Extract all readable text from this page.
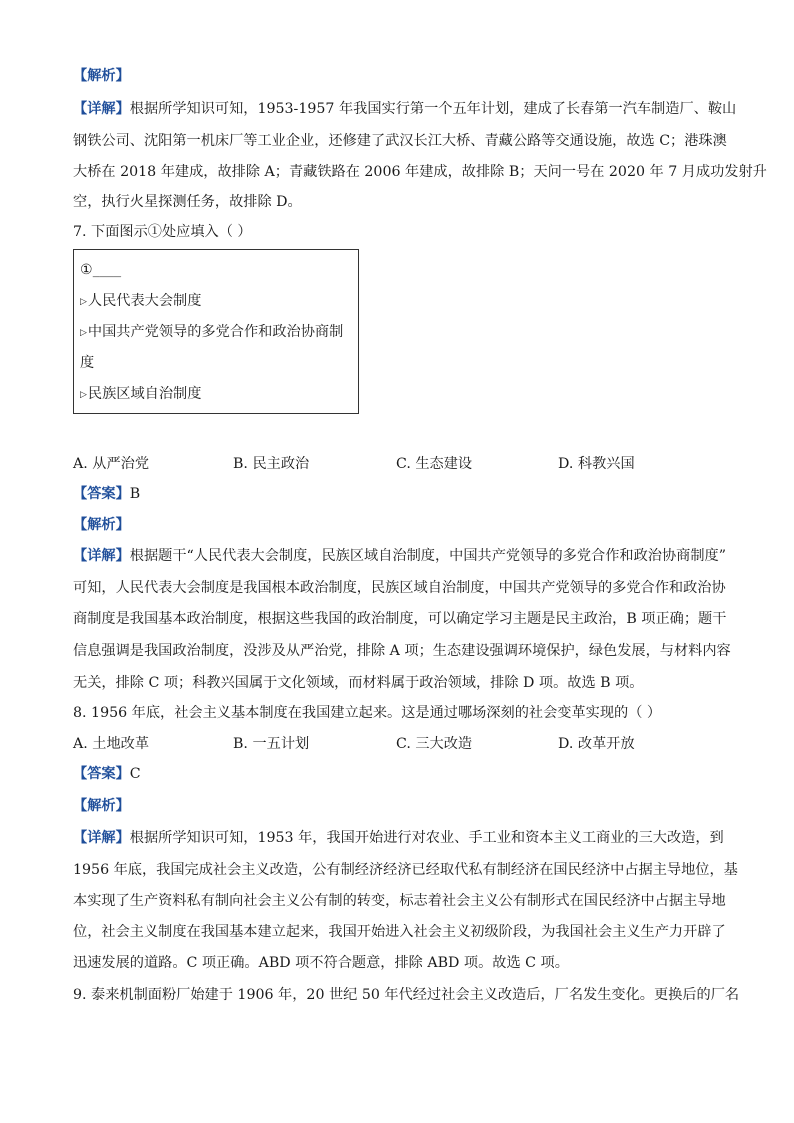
【解析】
【详解】根据所学知识可知，1953-1957 年我国实行第一个五年计划，建成了长春第一汽车制造厂、鞍山
钢铁公司、沈阳第一机床厂等工业企业，还修建了武汉长江大桥、青藏公路等交通设施，故选 C；港珠澳
大桥在 2018 年建成，故排除 A；青藏铁路在 2006 年建成，故排除 B；天问一号在 2020 年 7 月成功发射升
空，执行火星探测任务，故排除 D。
7. 下面图示①处应填入（ ）
①____
▷人民代表大会制度
▷中国共产党领导的多党合作和政治协商制
度
▷民族区域自治制度
A. 从严治党	B. 民主政治	C. 生态建设	D. 科教兴国
【答案】B
【解析】
【详解】根据题干“人民代表大会制度，民族区域自治制度，中国共产党领导的多党合作和政治协商制度”
可知，人民代表大会制度是我国根本政治制度，民族区域自治制度，中国共产党领导的多党合作和政治协
商制度是我国基本政治制度，根据这些我国的政治制度，可以确定学习主题是民主政治，B 项正确；题干
信息强调是我国政治制度，没涉及从严治党，排除 A 项；生态建设强调环境保护，绿色发展，与材料内容
无关，排除 C 项；科教兴国属于文化领域，而材料属于政治领域，排除 D 项。故选 B 项。
8. 1956 年底，社会主义基本制度在我国建立起来。这是通过哪场深刻的社会变革实现的（ ）
A. 土地改革	B. 一五计划	C. 三大改造	D. 改革开放
【答案】C
【解析】
【详解】根据所学知识可知，1953 年，我国开始进行对农业、手工业和资本主义工商业的三大改造，到
1956 年底，我国完成社会主义改造，公有制经济经济已经取代私有制经济在国民经济中占据主导地位，基
本实现了生产资料私有制向社会主义公有制的转变，标志着社会主义公有制形式在国民经济中占据主导地
位，社会主义制度在我国基本建立起来，我国开始进入社会主义初级阶段，为我国社会主义生产力开辟了
迅速发展的道路。C 项正确。ABD 项不符合题意，排除 ABD 项。故选 C 项。
9. 泰来机制面粉厂始建于 1906 年，20 世纪 50 年代经过社会主义改造后，厂名发生变化。更换后的厂名
